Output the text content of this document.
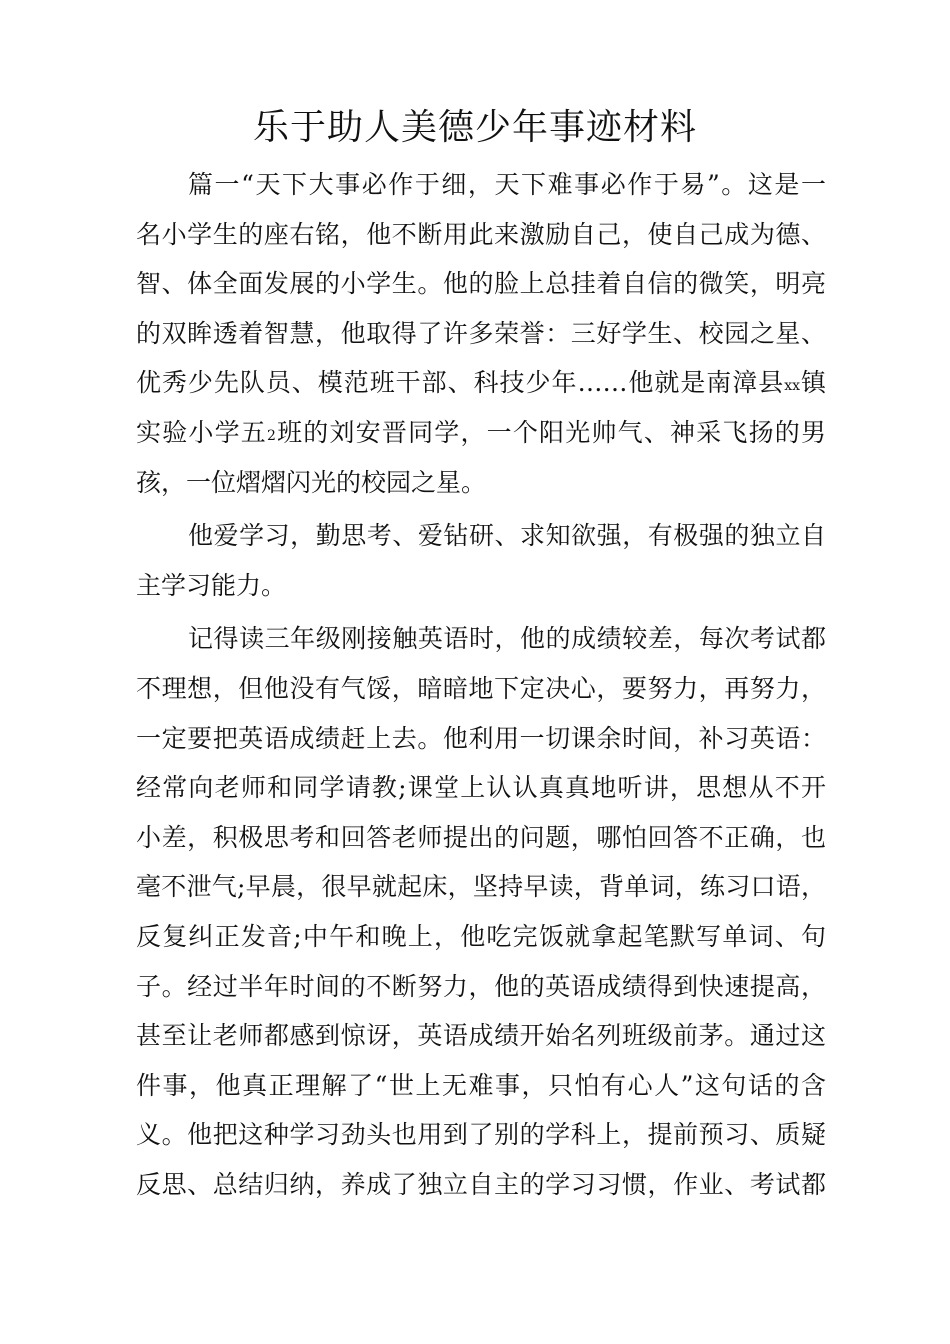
乐于助人美德少年事迹材料
篇一“天下大事必作于细，天下难事必作于易”。这是一
名小学生的座右铭，他不断用此来激励自己，使自己成为德、
智、体全面发展的小学生。他的脸上总挂着自信的微笑，明亮
的双眸透着智慧，他取得了许多荣誉：三好学生、校园之星、
优秀少先队员、模范班干部、科技少年……他就是南漳县xx镇
实验小学五2班的刘安晋同学，一个阳光帅气、神采飞扬的男
孩，一位熠熠闪光的校园之星。
他爱学习，勤思考、爱钻研、求知欲强，有极强的独立自
主学习能力。
记得读三年级刚接触英语时，他的成绩较差，每次考试都
不理想，但他没有气馁，暗暗地下定决心，要努力，再努力，
一定要把英语成绩赶上去。他利用一切课余时间，补习英语：
经常向老师和同学请教;课堂上认认真真地听讲，思想从不开
小差，积极思考和回答老师提出的问题，哪怕回答不正确，也
毫不泄气;早晨，很早就起床，坚持早读，背单词，练习口语，
反复纠正发音;中午和晚上，他吃完饭就拿起笔默写单词、句
子。经过半年时间的不断努力，他的英语成绩得到快速提高，
甚至让老师都感到惊讶，英语成绩开始名列班级前茅。通过这
件事，他真正理解了“世上无难事，只怕有心人”这句话的含
义。他把这种学习劲头也用到了别的学科上，提前预习、质疑
反思、总结归纳，养成了独立自主的学习习惯，作业、考试都
